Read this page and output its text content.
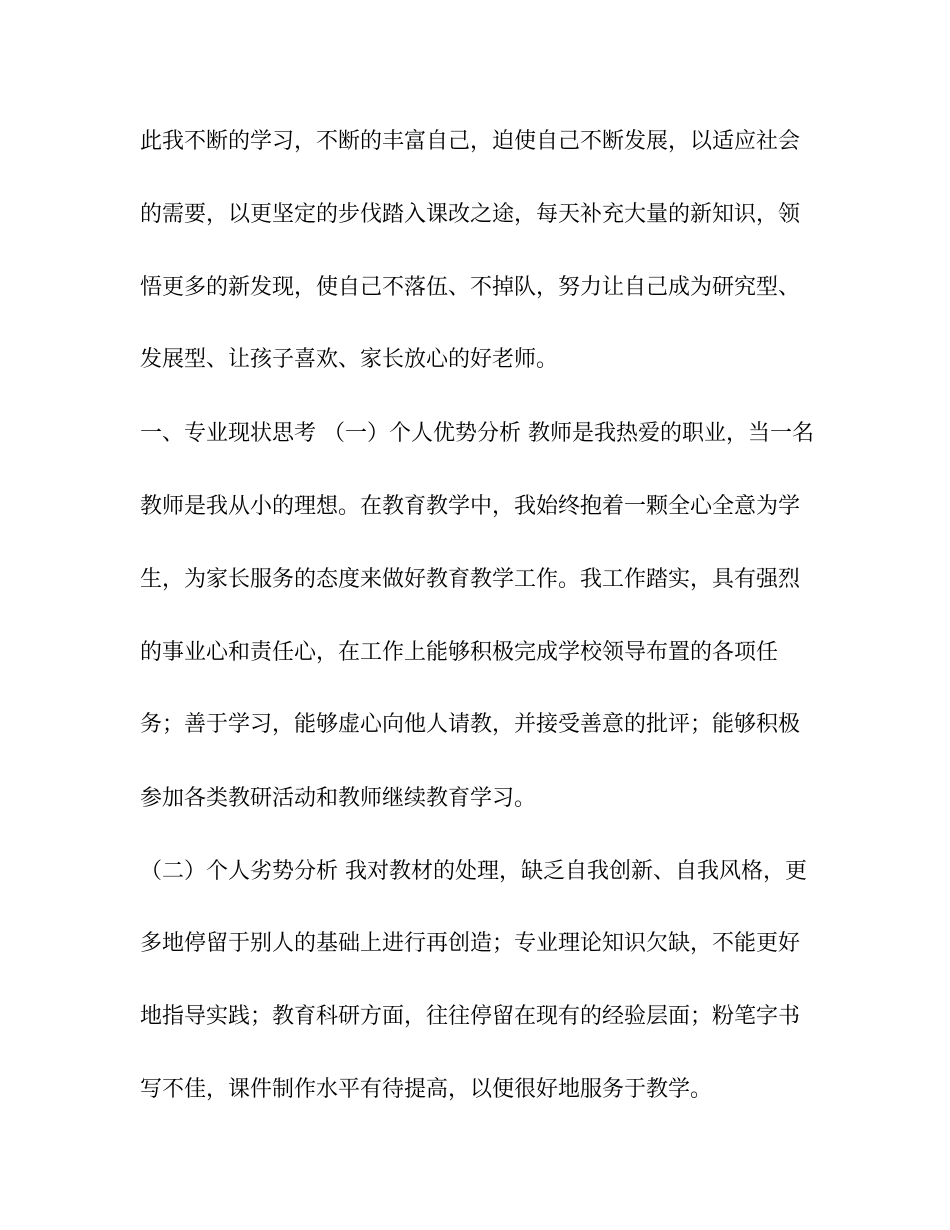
此我不断的学习，不断的丰富自己，迫使自己不断发展，以适应社会
的需要，以更坚定的步伐踏入课改之途，每天补充大量的新知识，领
悟更多的新发现，使自己不落伍、不掉队，努力让自己成为研究型、
发展型、让孩子喜欢、家长放心的好老师。
一、专业现状思考 （一）个人优势分析 教师是我热爱的职业，当一名
教师是我从小的理想。在教育教学中，我始终抱着一颗全心全意为学
生，为家长服务的态度来做好教育教学工作。我工作踏实，具有强烈
的事业心和责任心，在工作上能够积极完成学校领导布置的各项任
务；善于学习，能够虚心向他人请教，并接受善意的批评；能够积极
参加各类教研活动和教师继续教育学习。
（二）个人劣势分析 我对教材的处理，缺乏自我创新、自我风格，更
多地停留于别人的基础上进行再创造；专业理论知识欠缺，不能更好
地指导实践；教育科研方面，往往停留在现有的经验层面；粉笔字书
写不佳，课件制作水平有待提高，以便很好地服务于教学。
